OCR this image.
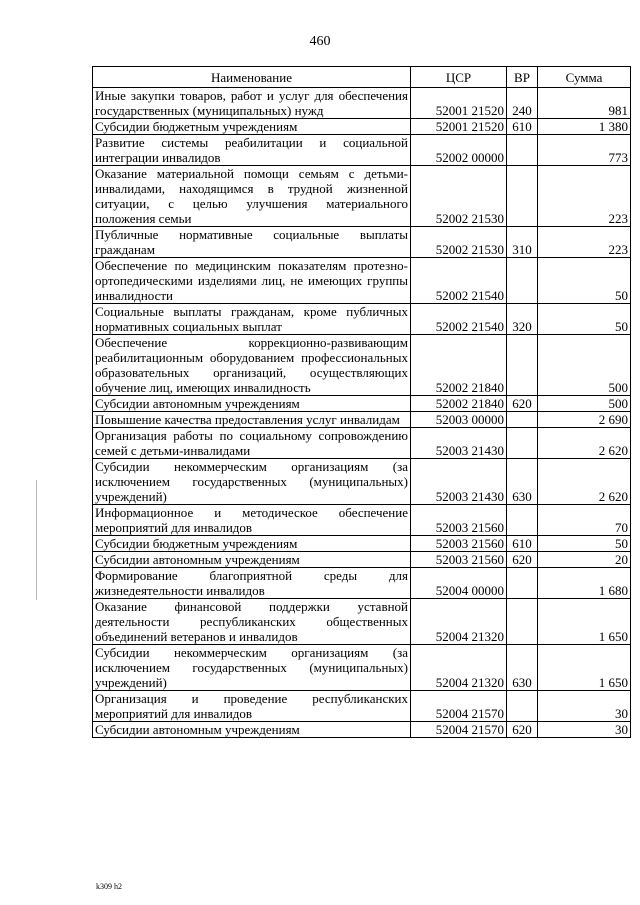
460
Наименование	ЦСР	ВР	Сумма
Иные закупки товаров, работ и услуг для обеспечения государственных (муниципальных) нужд	52001 21520	240	981
Субсидии бюджетным учреждениям	52001 21520	610	1 380
Развитие системы реабилитации и социальной интеграции инвалидов	52002 00000		773
Оказание материальной помощи семьям с детьми-инвалидами, находящимся в трудной жизненной ситуации, с целью улучшения материального положения семьи	52002 21530		223
Публичные нормативные социальные выплаты гражданам	52002 21530	310	223
Обеспечение по медицинским показателям протезно-ортопедическими изделиями лиц, не имеющих группы инвалидности	52002 21540		50
Социальные выплаты гражданам, кроме публичных нормативных социальных выплат	52002 21540	320	50
Обеспечение коррекционно-развивающим реабилитационным оборудованием профессиональных образовательных организаций, осуществляющих обучение лиц, имеющих инвалидность	52002 21840		500
Субсидии автономным учреждениям	52002 21840	620	500
Повышение качества предоставления услуг инвалидам	52003 00000		2 690
Организация работы по социальному сопровождению семей с детьми-инвалидами	52003 21430		2 620
Субсидии некоммерческим организациям (за исключением государственных (муниципальных) учреждений)	52003 21430	630	2 620
Информационное и методическое обеспечение мероприятий для инвалидов	52003 21560		70
Субсидии бюджетным учреждениям	52003 21560	610	50
Субсидии автономным учреждениям	52003 21560	620	20
Формирование благоприятной среды для жизнедеятельности инвалидов	52004 00000		1 680
Оказание финансовой поддержки уставной деятельности республиканских общественных объединений ветеранов и инвалидов	52004 21320		1 650
Субсидии некоммерческим организациям (за исключением государственных (муниципальных) учреждений)	52004 21320	630	1 650
Организация и проведение республиканских мероприятий для инвалидов	52004 21570		30
Субсидии автономным учреждениям	52004 21570	620	30
k309 h2
